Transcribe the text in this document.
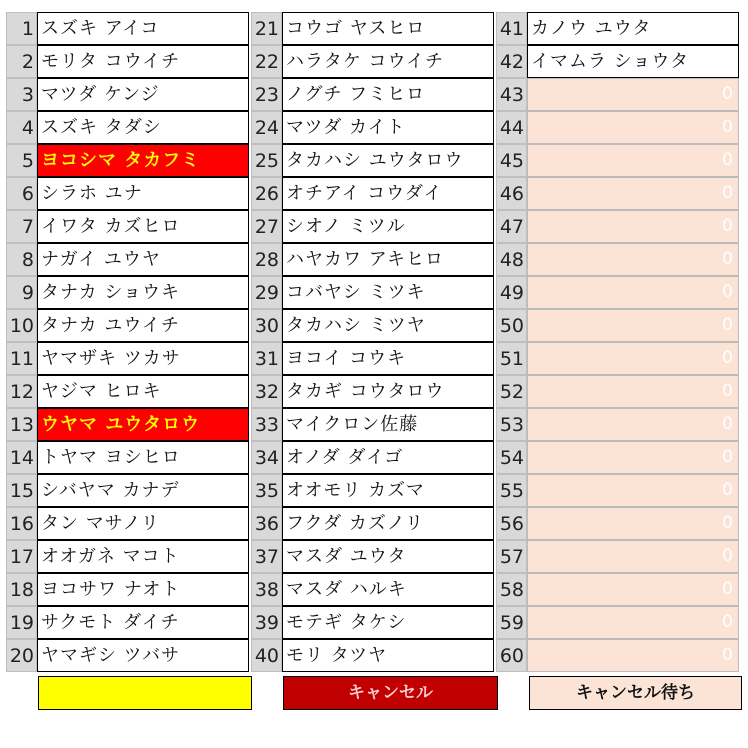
1 スズキ アイコ
2 モリタ コウイチ
3 マツダ ケンジ
4 スズキ タダシ
5 ヨコシマ タカフミ
6 シラホ ユナ
7 イワタ カズヒロ
8 ナガイ ユウヤ
9 タナカ ショウキ
10 タナカ ユウイチ
11 ヤマザキ ツカサ
12 ヤジマ ヒロキ
13 ウヤマ ユウタロウ
14 トヤマ ヨシヒロ
15 シバヤマ カナデ
16 タン マサノリ
17 オオガネ マコト
18 ヨコサワ ナオト
19 サクモト ダイチ
20 ヤマギシ ツバサ
21 コウゴ ヤスヒロ
22 ハラタケ コウイチ
23 ノグチ フミヒロ
24 マツダ カイト
25 タカハシ ユウタロウ
26 オチアイ コウダイ
27 シオノ ミツル
28 ハヤカワ アキヒロ
29 コバヤシ ミツキ
30 タカハシ ミツヤ
31 ヨコイ コウキ
32 タカギ コウタロウ
33 マイクロン佐藤
34 オノダ ダイゴ
35 オオモリ カズマ
36 フクダ カズノリ
37 マスダ ユウタ
38 マスダ ハルキ
39 モテギ タケシ
40 モリ タツヤ
41 カノウ ユウタ
42 イマムラ ショウタ
43	0
44	0
45	0
46	0
47	0
48	0
49	0
50	0
51	0
52	0
53	0
54	0
55	0
56	0
57	0
58	0
59	0
60	0
キャンセル	キャンセル待ち
